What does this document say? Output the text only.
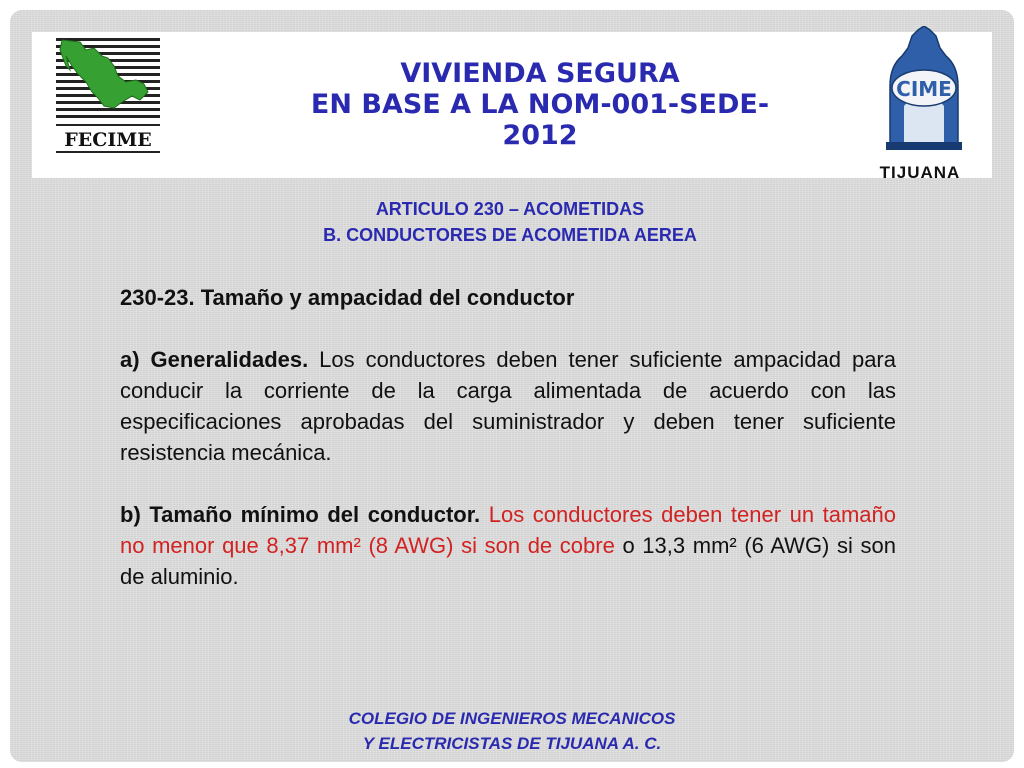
FECIME
CIME
TIJUANA
VIVIENDA SEGURA
EN BASE A LA NOM-001-SEDE-2012
ARTICULO 230 – ACOMETIDAS
B. CONDUCTORES DE ACOMETIDA AEREA

230-23. Tamaño y ampacidad del conductor

a) Generalidades. Los conductores deben tener suficiente ampacidad para conducir la corriente de la carga alimentada de acuerdo con las especificaciones aprobadas del suministrador y deben tener suficiente resistencia mecánica.

b) Tamaño mínimo del conductor. Los conductores deben tener un tamaño no menor que 8,37 mm² (8 AWG) si son de cobre o 13,3 mm² (6 AWG) si son de aluminio.

COLEGIO DE INGENIEROS MECANICOS
Y ELECTRICISTAS DE TIJUANA A. C.
